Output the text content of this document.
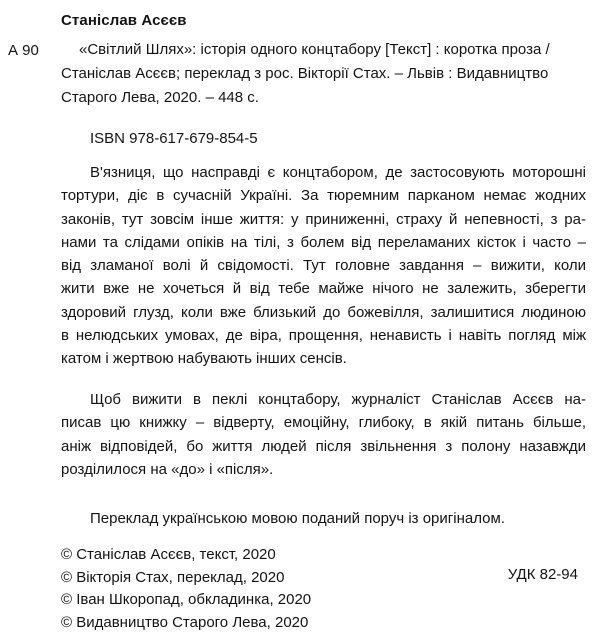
Станіслав Асєєв
А 90	«Світлий Шлях»: історія одного концтабору [Текст] : коротка проза /
Станіслав Асєєв; переклад з рос. Вікторії Стах. – Львів : Видавництво
Старого Лева, 2020. – 448 с.
ISBN 978-617-679-854-5
В'язниця, що насправді є концтабором, де застосовують моторошні
тортури, діє в сучасній Україні. За тюремним парканом немає жодних
законів, тут зовсім інше життя: у приниженні, страху й непевності, з ра-
нами та слідами опіків на тілі, з болем від переламаних кісток і часто –
від зламаної волі й свідомості. Тут головне завдання – вижити, коли
жити вже не хочеться й від тебе майже нічого не залежить, зберегти
здоровий глузд, коли вже близький до божевілля, залишитися людиною
в нелюдських умовах, де віра, прощення, ненависть і навіть погляд між
катом і жертвою набувають інших сенсів.
Щоб вижити в пеклі концтабору, журналіст Станіслав Асєєв на-
писав цю книжку – відверту, емоційну, глибоку, в якій питань більше,
аніж відповідей, бо життя людей після звільнення з полону назавжди
розділилося на «до» і «після».
Переклад українською мовою поданий поруч із оригіналом.
© Станіслав Асєєв, текст, 2020
© Вікторія Стах, переклад, 2020
© Іван Шкоропад, обкладинка, 2020
© Видавництво Старого Лева, 2020
УДК 82-94
